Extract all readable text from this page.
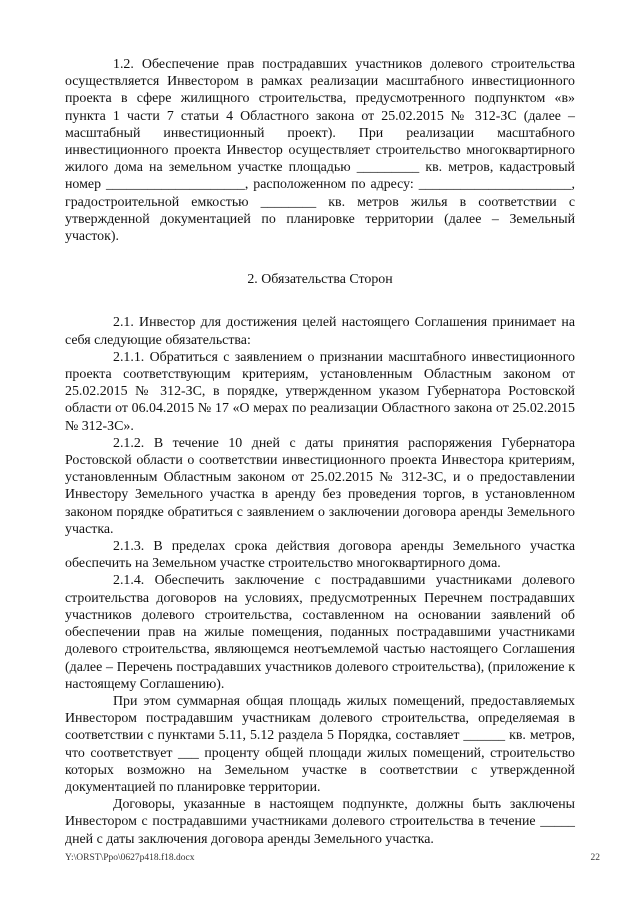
1.2. Обеспечение прав пострадавших участников долевого строительства осуществляется Инвестором в рамках реализации масштабного инвестиционного проекта в сфере жилищного строительства, предусмотренного подпунктом «в» пункта 1 части 7 статьи 4 Областного закона от 25.02.2015 № 312-ЗС (далее – масштабный инвестиционный проект). При реализации масштабного инвестиционного проекта Инвестор осуществляет строительство многоквартирного жилого дома на земельном участке площадью _________ кв. метров, кадастровый номер ____________________, расположенном по адресу: ______________________, градостроительной емкостью ________ кв. метров жилья в соответствии с утвержденной документацией по планировке территории (далее – Земельный участок).

2. Обязательства Сторон

2.1. Инвестор для достижения целей настоящего Соглашения принимает на себя следующие обязательства:

2.1.1. Обратиться с заявлением о признании масштабного инвестиционного проекта соответствующим критериям, установленным Областным законом от 25.02.2015 № 312-ЗС, в порядке, утвержденном указом Губернатора Ростовской области от 06.04.2015 № 17 «О мерах по реализации Областного закона от 25.02.2015 № 312-ЗС».

2.1.2. В течение 10 дней с даты принятия распоряжения Губернатора Ростовской области о соответствии инвестиционного проекта Инвестора критериям, установленным Областным законом от 25.02.2015 № 312-ЗС, и о предоставлении Инвестору Земельного участка в аренду без проведения торгов, в установленном законом порядке обратиться с заявлением о заключении договора аренды Земельного участка.

2.1.3. В пределах срока действия договора аренды Земельного участка обеспечить на Земельном участке строительство многоквартирного дома.

2.1.4. Обеспечить заключение с пострадавшими участниками долевого строительства договоров на условиях, предусмотренных Перечнем пострадавших участников долевого строительства, составленном на основании заявлений об обеспечении прав на жилые помещения, поданных пострадавшими участниками долевого строительства, являющемся неотъемлемой частью настоящего Соглашения (далее – Перечень пострадавших участников долевого строительства), (приложение к настоящему Соглашению).

При этом суммарная общая площадь жилых помещений, предоставляемых Инвестором пострадавшим участникам долевого строительства, определяемая в соответствии с пунктами 5.11, 5.12 раздела 5 Порядка, составляет ______ кв. метров, что соответствует ___ проценту общей площади жилых помещений, строительство которых возможно на Земельном участке в соответствии с утвержденной документацией по планировке территории.

Договоры, указанные в настоящем подпункте, должны быть заключены Инвестором с пострадавшими участниками долевого строительства в течение _____ дней с даты заключения договора аренды Земельного участка.

Y:\ORST\Ppo\0627p418.f18.docx	22
